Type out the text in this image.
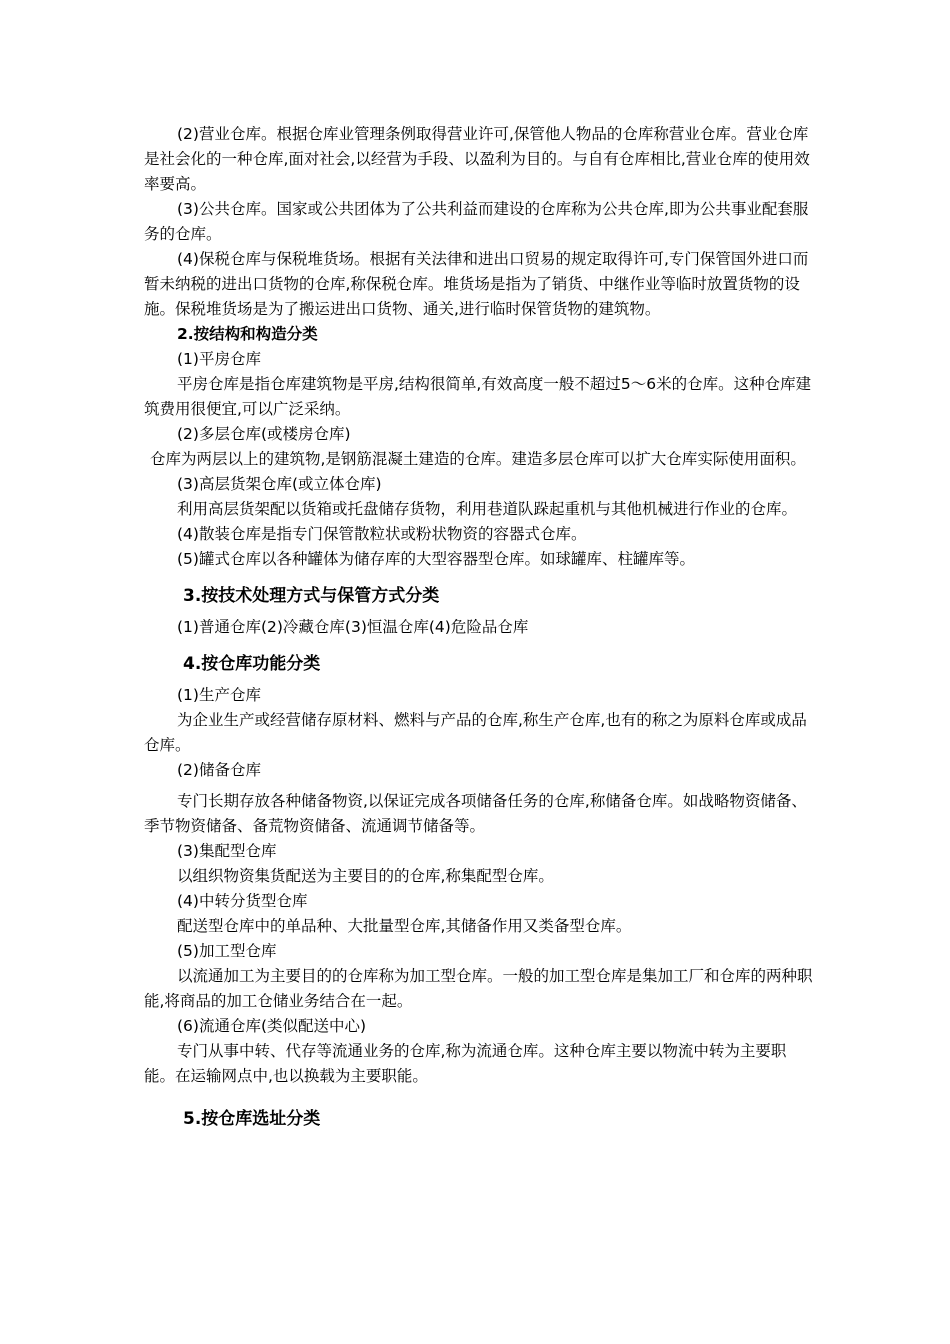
(2)营业仓库。根据仓库业管理条例取得营业许可,保管他人物品的仓库称营业仓库。营业仓库是社会化的一种仓库,面对社会,以经营为手段、以盈利为目的。与自有仓库相比,营业仓库的使用效率要高。

(3)公共仓库。国家或公共团体为了公共利益而建设的仓库称为公共仓库,即为公共事业配套服务的仓库。

(4)保税仓库与保税堆货场。根据有关法律和进出口贸易的规定取得许可,专门保管国外进口而暂未纳税的进出口货物的仓库,称保税仓库。堆货场是指为了销货、中继作业等临时放置货物的设施。保税堆货场是为了搬运进出口货物、通关,进行临时保管货物的建筑物。

2.按结构和构造分类

(1)平房仓库

平房仓库是指仓库建筑物是平房,结构很简单,有效高度一般不超过5～6米的仓库。这种仓库建筑费用很便宜,可以广泛采纳。

(2)多层仓库(或楼房仓库)

仓库为两层以上的建筑物,是钢筋混凝土建造的仓库。建造多层仓库可以扩大仓库实际使用面积。

(3)高层货架仓库(或立体仓库)

利用高层货架配以货箱或托盘储存货物，利用巷道队跺起重机与其他机械进行作业的仓库。

(4)散装仓库是指专门保管散粒状或粉状物资的容器式仓库。

(5)罐式仓库以各种罐体为储存库的大型容器型仓库。如球罐库、柱罐库等。

3.按技术处理方式与保管方式分类

(1)普通仓库(2)冷藏仓库(3)恒温仓库(4)危险品仓库

4.按仓库功能分类

(1)生产仓库

为企业生产或经营储存原材料、燃料与产品的仓库,称生产仓库,也有的称之为原料仓库或成品仓库。

(2)储备仓库

专门长期存放各种储备物资,以保证完成各项储备任务的仓库,称储备仓库。如战略物资储备、季节物资储备、备荒物资储备、流通调节储备等。

(3)集配型仓库

以组织物资集货配送为主要目的的仓库,称集配型仓库。

(4)中转分货型仓库

配送型仓库中的单品种、大批量型仓库,其储备作用又类备型仓库。

(5)加工型仓库

以流通加工为主要目的的仓库称为加工型仓库。一般的加工型仓库是集加工厂和仓库的两种职能,将商品的加工仓储业务结合在一起。

(6)流通仓库(类似配送中心)

专门从事中转、代存等流通业务的仓库,称为流通仓库。这种仓库主要以物流中转为主要职能。在运输网点中,也以换载为主要职能。

5.按仓库选址分类
